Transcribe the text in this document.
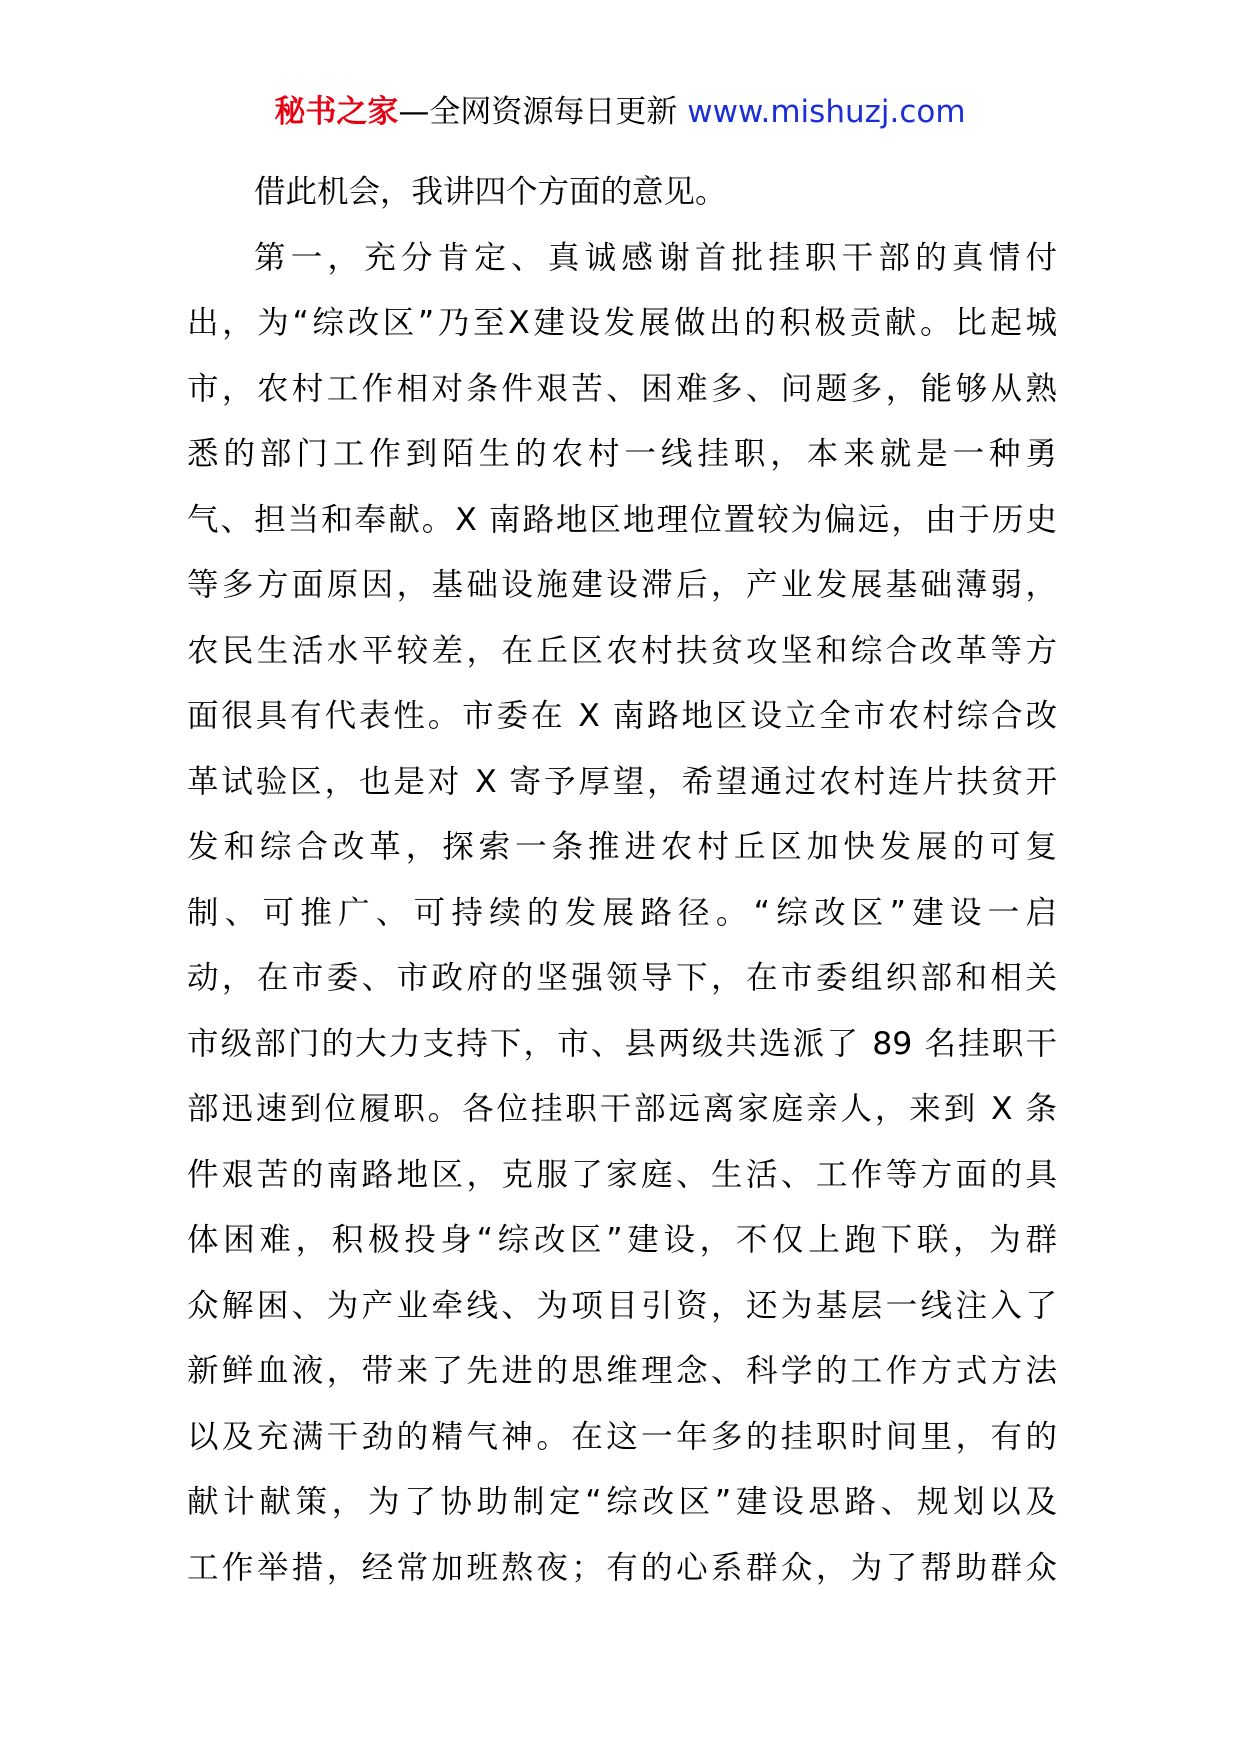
秘书之家—全网资源每日更新 www.mishuzj.com
借此机会，我讲四个方面的意见。
第一，充分肯定、真诚感谢首批挂职干部的真情付
出，为“综改区”乃至Ⅹ建设发展做出的积极贡献。比起城
市，农村工作相对条件艰苦、困难多、问题多，能够从熟
悉的部门工作到陌生的农村一线挂职，本来就是一种勇
气、担当和奉献。X 南路地区地理位置较为偏远，由于历史
等多方面原因，基础设施建设滞后，产业发展基础薄弱，
农民生活水平较差，在丘区农村扶贫攻坚和综合改革等方
面很具有代表性。市委在 X 南路地区设立全市农村综合改
革试验区，也是对 X 寄予厚望，希望通过农村连片扶贫开
发和综合改革，探索一条推进农村丘区加快发展的可复
制、可推广、可持续的发展路径。“综改区”建设一启
动，在市委、市政府的坚强领导下，在市委组织部和相关
市级部门的大力支持下，市、县两级共选派了 89 名挂职干
部迅速到位履职。各位挂职干部远离家庭亲人，来到 X 条
件艰苦的南路地区，克服了家庭、生活、工作等方面的具
体困难，积极投身“综改区”建设，不仅上跑下联，为群
众解困、为产业牵线、为项目引资，还为基层一线注入了
新鲜血液，带来了先进的思维理念、科学的工作方式方法
以及充满干劲的精气神。在这一年多的挂职时间里，有的
献计献策，为了协助制定“综改区”建设思路、规划以及
工作举措，经常加班熬夜；有的心系群众，为了帮助群众
